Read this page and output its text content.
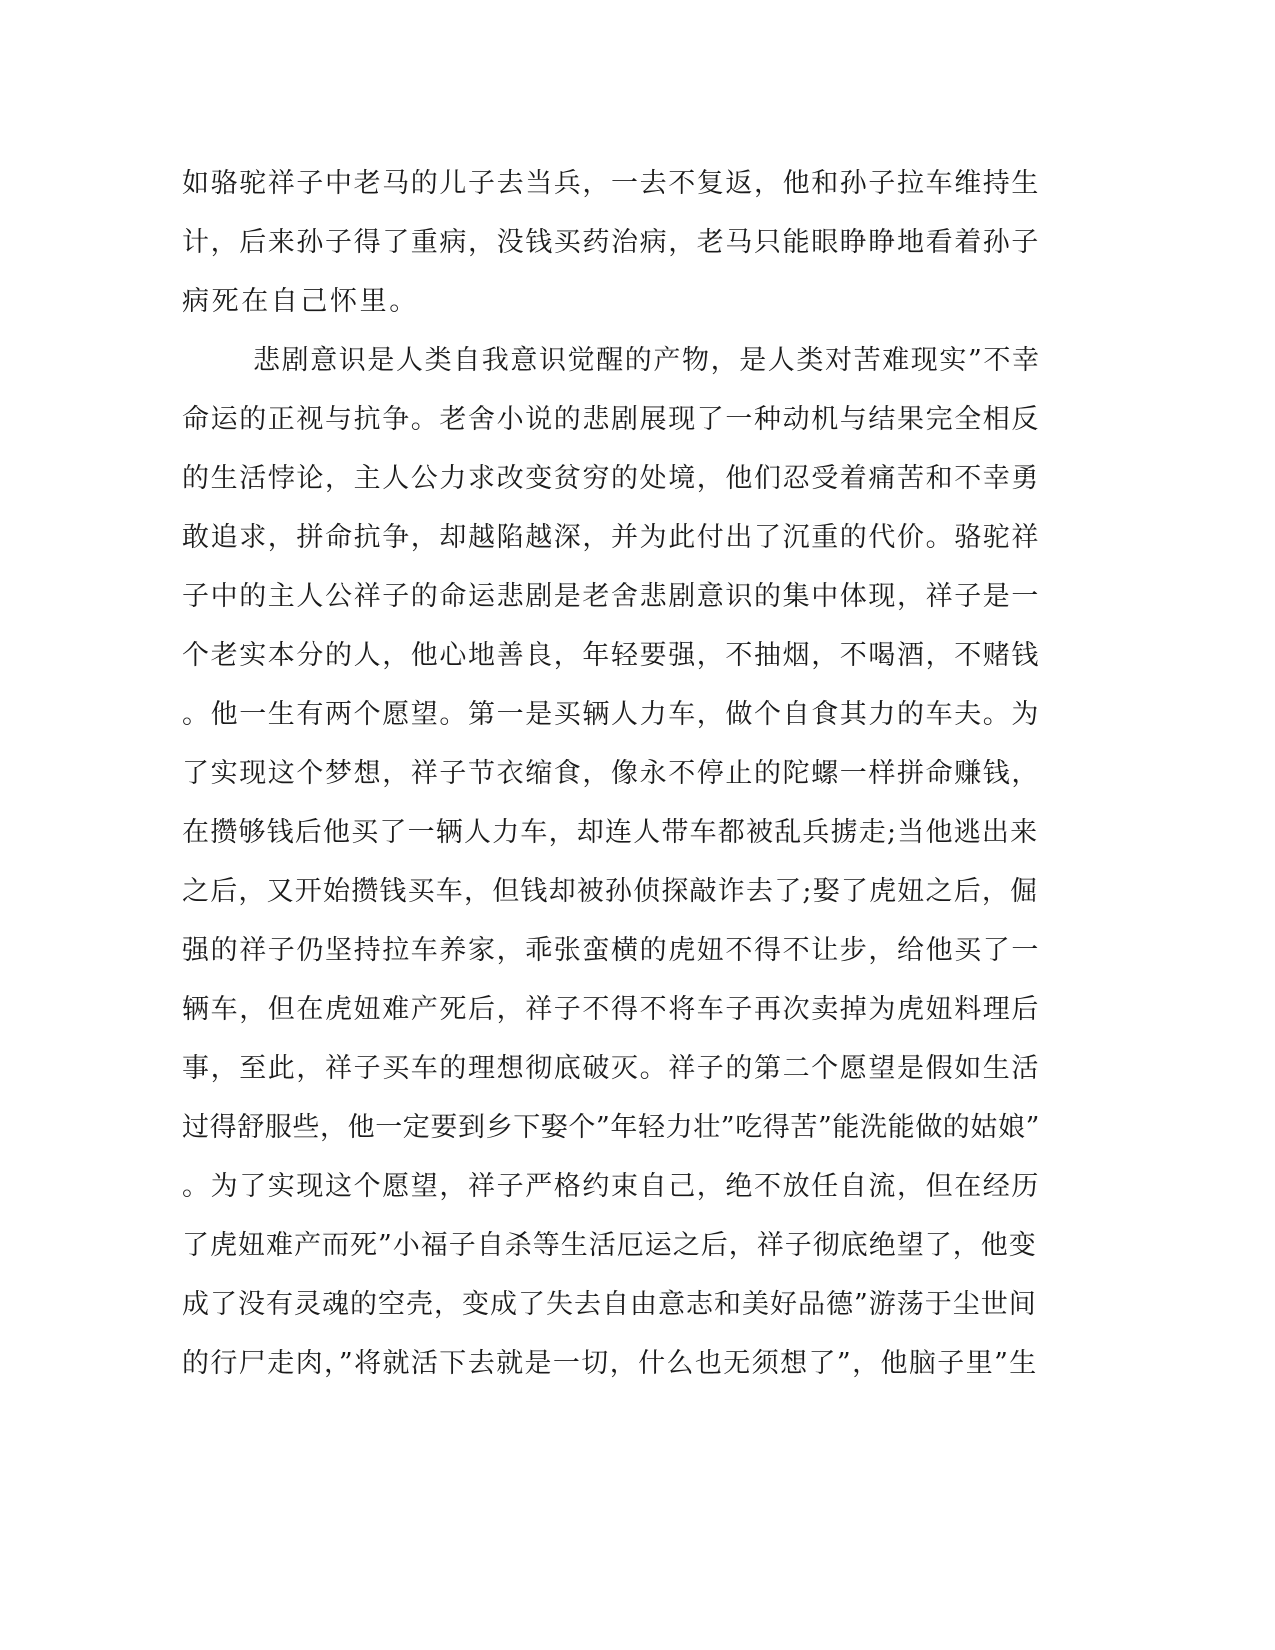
如骆驼祥子中老马的儿子去当兵，一去不复返，他和孙子拉车维持生
计，后来孙子得了重病，没钱买药治病，老马只能眼睁睁地看着孙子
病死在自己怀里。
悲剧意识是人类自我意识觉醒的产物，是人类对苦难现实”不幸
命运的正视与抗争。老舍小说的悲剧展现了一种动机与结果完全相反
的生活悖论，主人公力求改变贫穷的处境，他们忍受着痛苦和不幸勇
敢追求，拼命抗争，却越陷越深，并为此付出了沉重的代价。骆驼祥
子中的主人公祥子的命运悲剧是老舍悲剧意识的集中体现，祥子是一
个老实本分的人，他心地善良，年轻要强，不抽烟，不喝酒，不赌钱
。他一生有两个愿望。第一是买辆人力车，做个自食其力的车夫。为
了实现这个梦想，祥子节衣缩食，像永不停止的陀螺一样拼命赚钱，
在攒够钱后他买了一辆人力车，却连人带车都被乱兵掳走;当他逃出来
之后，又开始攒钱买车，但钱却被孙侦探敲诈去了;娶了虎妞之后，倔
强的祥子仍坚持拉车养家，乖张蛮横的虎妞不得不让步，给他买了一
辆车，但在虎妞难产死后，祥子不得不将车子再次卖掉为虎妞料理后
事，至此，祥子买车的理想彻底破灭。祥子的第二个愿望是假如生活
过得舒服些，他一定要到乡下娶个”年轻力壮”吃得苦”能洗能做的姑娘”
。为了实现这个愿望，祥子严格约束自己，绝不放任自流，但在经历
了虎妞难产而死”小福子自杀等生活厄运之后，祥子彻底绝望了，他变
成了没有灵魂的空壳，变成了失去自由意志和美好品德”游荡于尘世间
的行尸走肉，”将就活下去就是一切，什么也无须想了”，他脑子里”生
